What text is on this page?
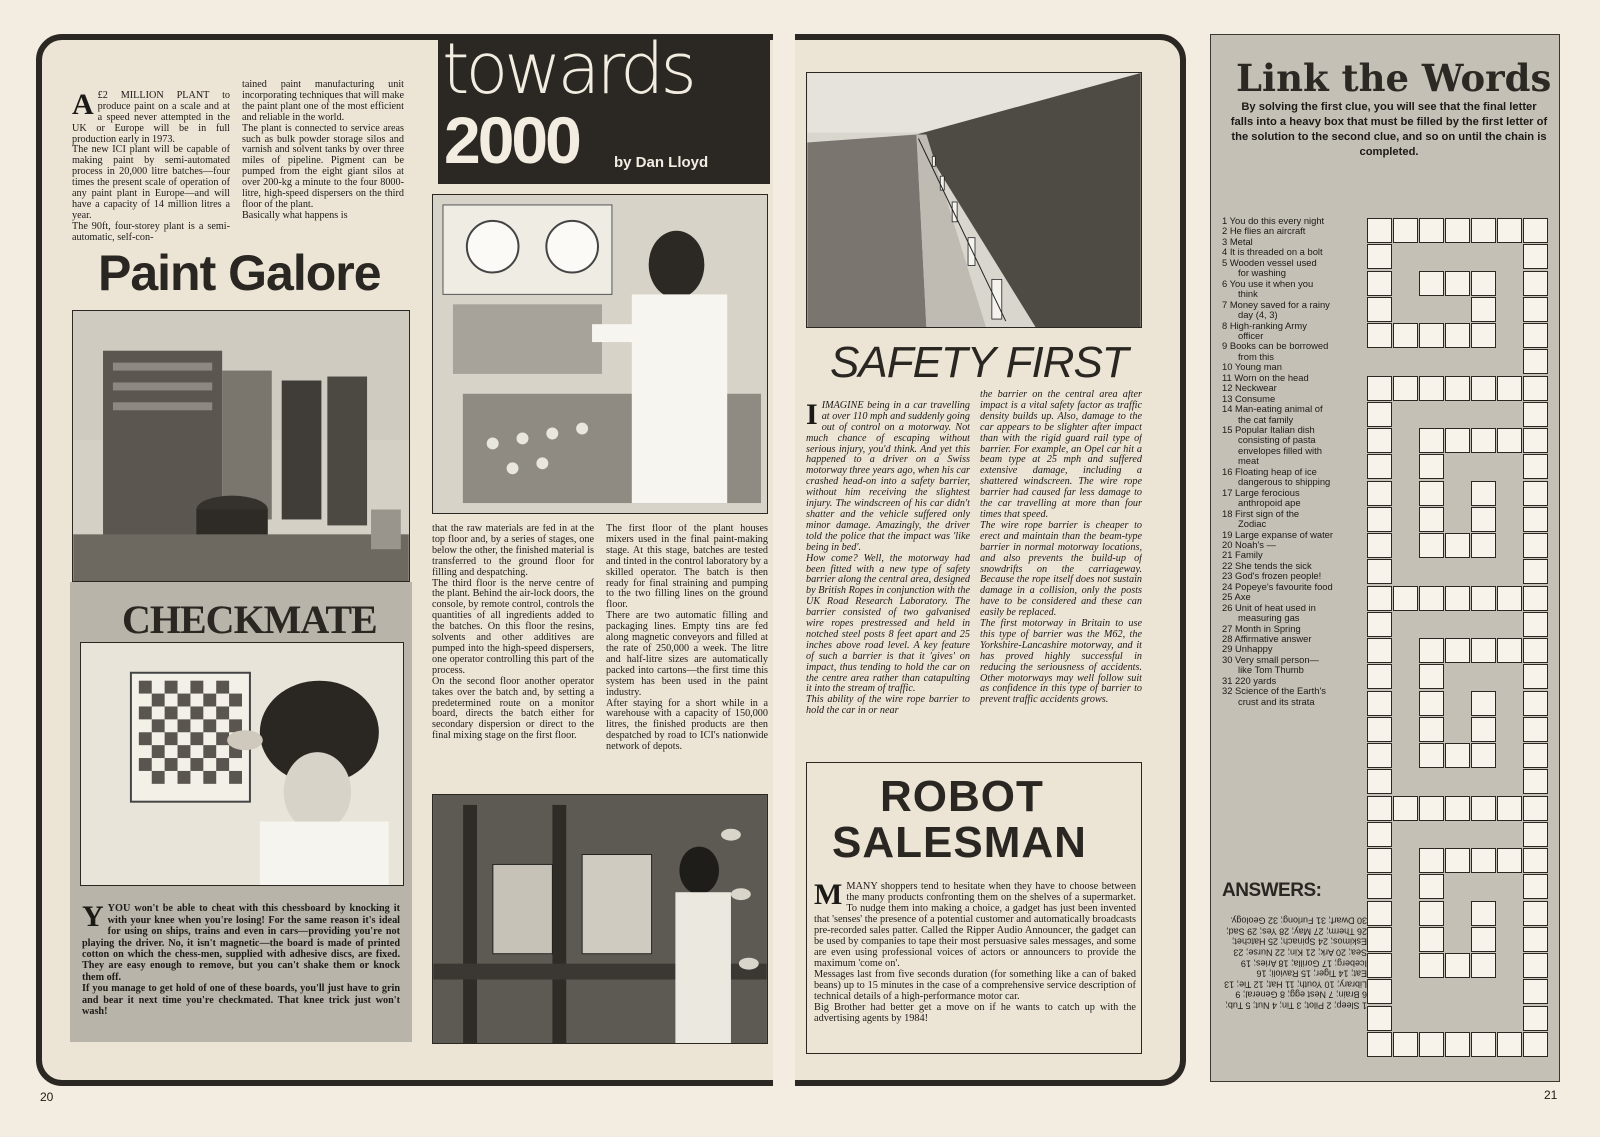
A £2 MILLION PLANT to produce paint on a scale and at a speed never attempted in the UK or Europe will be in full production early in 1973.
The new ICI plant will be capable of making paint by semi-automated process in 20,000 litre batches—four times the present scale of operation of any paint plant in Europe—and will have a capacity of 14 million litres a year.
The 90ft, four-storey plant is a semi-automatic, self-con-

tained paint manufacturing unit incorporating techniques that will make the paint plant one of the most efficient and reliable in the world.
The plant is connected to service areas such as bulk powder storage silos and varnish and solvent tanks by over three miles of pipeline. Pigment can be pumped from the eight giant silos at over 200-kg a minute to the four 8000-litre, high-speed dispersers on the third floor of the plant.
Basically what happens is
towards
2000 by Dan Lloyd
Paint Galore
CHECKMATE

YYOU won't be able to cheat with this chessboard by knocking it with your knee when you're losing! For the same reason it's ideal for using on ships, trains and even in cars—providing you're not playing the driver. No, it isn't magnetic—the board is made of printed cotton on which the chess-men, supplied with adhesive discs, are fixed. They are easy enough to remove, but you can't shake them or knock them off.
If you manage to get hold of one of these boards, you'll just have to grin and bear it next time you're checkmated. That knee trick just won't wash!

that the raw materials are fed in at the top floor and, by a series of stages, one below the other, the finished material is transferred to the ground floor for filling and despatching.
The third floor is the nerve centre of the plant. Behind the air-lock doors, the console, by remote control, controls the quantities of all ingredients added to the batches. On this floor the resins, solvents and other additives are pumped into the high-speed dispersers, one operator controlling this part of the process.
On the second floor another operator takes over the batch and, by setting a predetermined route on a monitor board, directs the batch either for secondary dispersion or direct to the final mixing stage on the first floor.
The first floor of the plant houses mixers used in the final paint-making stage. At this stage, batches are tested and tinted in the control laboratory by a skilled operator. The batch is then ready for final straining and pumping to the two filling lines on the ground floor.
There are two automatic filling and packaging lines. Empty tins are fed along magnetic conveyors and filled at the rate of 250,000 a week. The litre and half-litre sizes are automatically packed into cartons—the first time this system has been used in the paint industry.
After staying for a short while in a warehouse with a capacity of 150,000 litres, the finished products are then despatched by road to ICI's nationwide network of depots.
SAFETY FIRST

IIMAGINE being in a car travelling at over 110 mph and suddenly going out of control on a motorway. Not much chance of escaping without serious injury, you'd think. And yet this happened to a driver on a Swiss motorway three years ago, when his car crashed head-on into a safety barrier, without him receiving the slightest injury. The windscreen of his car didn't shatter and the vehicle suffered only minor damage. Amazingly, the driver told the police that the impact was 'like being in bed'.
How come? Well, the motorway had been fitted with a new type of safety barrier along the central area, designed by British Ropes in conjunction with the UK Road Research Laboratory. The barrier consisted of two galvanised wire ropes prestressed and held in notched steel posts 8 feet apart and 25 inches above road level. A key feature of such a barrier is that it 'gives' on impact, thus tending to hold the car on the centre area rather than catapulting it into the stream of traffic.
This ability of the wire rope barrier to hold the car in or near

the barrier on the central area after impact is a vital safety factor as traffic density builds up. Also, damage to the car appears to be slighter after impact than with the rigid guard rail type of barrier. For example, an Opel car hit a beam type at 25 mph and suffered extensive damage, including a shattered windscreen. The wire rope barrier had caused far less damage to the car travelling at more than four times that speed.
The wire rope barrier is cheaper to erect and maintain than the beam-type barrier in normal motorway locations, and also prevents the build-up of snowdrifts on the carriageway. Because the rope itself does not sustain damage in a collision, only the posts have to be considered and these can easily be replaced.
The first motorway in Britain to use this type of barrier was the M62, the Yorkshire-Lancashire motorway, and it has proved highly successful in reducing the seriousness of accidents. Other motorways may well follow suit as confidence in this type of barrier to prevent traffic accidents grows.
ROBOT
SALESMAN

MMANY shoppers tend to hesitate when they have to choose between the many products confronting them on the shelves of a supermarket. To nudge them into making a choice, a gadget has just been invented that 'senses' the presence of a potential customer and automatically broadcasts pre-recorded sales patter. Called the Ripper Audio Announcer, the gadget can be used by companies to tape their most persuasive sales messages, and some are even using professional voices of actors or announcers to provide the maximum 'come on'.
Messages last from five seconds duration (for something like a can of baked beans) up to 15 minutes in the case of a comprehensive service description of technical details of a high-performance motor car.
Big Brother had better get a move on if he wants to catch up with the advertising agents by 1984!

20	21
Link the Words
By solving the first clue, you will see that the final letter falls into a heavy box that must be filled by the first letter of the solution to the second clue, and so on until the chain is completed.
1 You do this every night
2 He flies an aircraft
3 Metal
4 It is threaded on a bolt
5 Wooden vessel used
for washing
6 You use it when you
think
7 Money saved for a rainy
day (4, 3)
8 High-ranking Army
officer
9 Books can be borrowed
from this
10 Young man
11 Worn on the head
12 Neckwear
13 Consume
14 Man-eating animal of
the cat family
15 Popular Italian dish
consisting of pasta
envelopes filled with
meat
16 Floating heap of ice
dangerous to shipping
17 Large ferocious
anthropoid ape
18 First sign of the
Zodiac
19 Large expanse of water
20 Noah's —
21 Family
22 She tends the sick
23 God's frozen people!
24 Popeye's favourite food
25 Axe
26 Unit of heat used in
measuring gas
27 Month in Spring
28 Affirmative answer
29 Unhappy
30 Very small person—
like Tom Thumb
31 220 yards
32 Science of the Earth's
crust and its strata
ANSWERS:
1 Sleep; 2 Pilot; 3 Tin; 4 Nut; 5 Tub; 6 Brain; 7 Nest egg; 8 General; 9 Library; 10 Youth; 11 Hat; 12 Tie; 13 Eat; 14 Tiger; 15 Ravioli; 16 Iceberg; 17 Gorilla; 18 Aries; 19 Sea; 20 Ark; 21 Kin; 22 Nurse; 23 Eskimos; 24 Spinach; 25 Hatchet; 26 Therm; 27 May; 28 Yes; 29 Sad; 30 Dwarf; 31 Furlong; 32 Geology.
